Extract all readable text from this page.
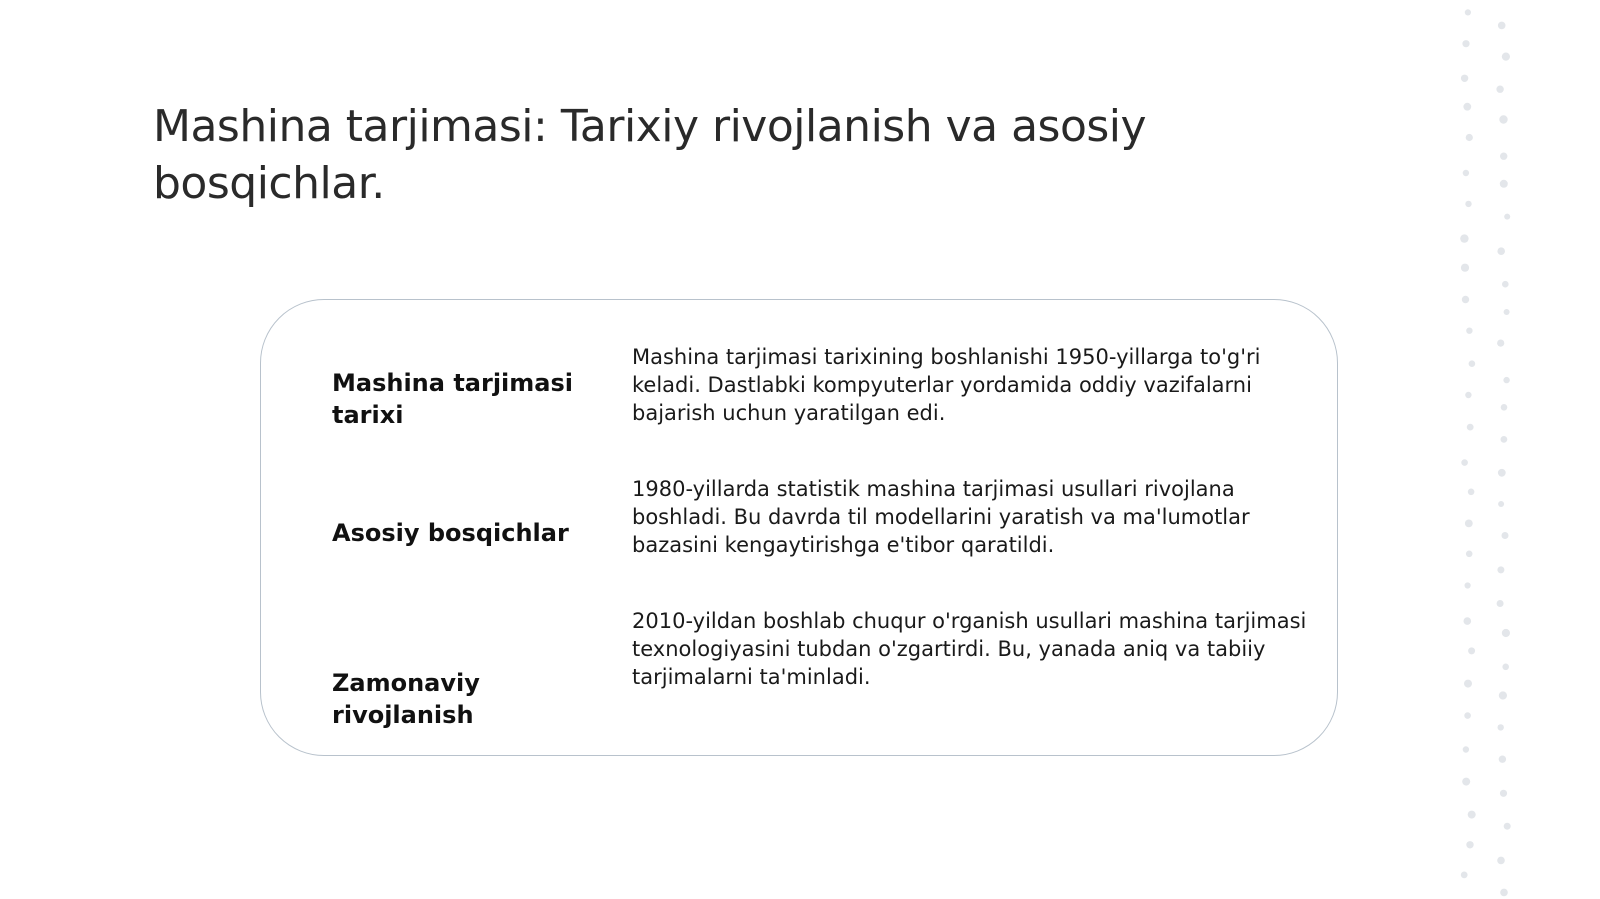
Mashina tarjimasi: Tarixiy rivojlanish va asosiy bosqichlar.

Mashina tarjimasi tarixi

Mashina tarjimasi tarixining boshlanishi 1950-yillarga to'g'ri keladi. Dastlabki kompyuterlar yordamida oddiy vazifalarni bajarish uchun yaratilgan edi.

Asosiy bosqichlar

1980-yillarda statistik mashina tarjimasi usullari rivojlana boshladi. Bu davrda til modellarini yaratish va ma'lumotlar bazasini kengaytirishga e'tibor qaratildi.

Zamonaviy rivojlanish

2010-yildan boshlab chuqur o'rganish usullari mashina tarjimasi texnologiyasini tubdan o'zgartirdi. Bu, yanada aniq va tabiiy tarjimalarni ta'minladi.
